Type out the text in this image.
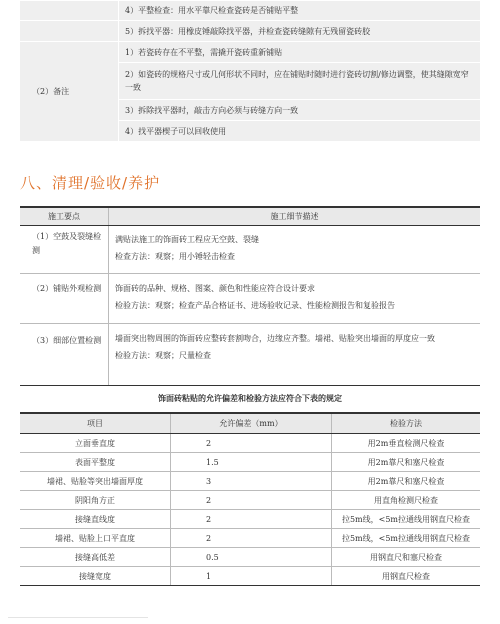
	4）平整检查：用水平靠尺检查瓷砖是否铺贴平整
	5）拆找平器：用橡皮锤敲除找平器，并检查瓷砖缝隙有无残留瓷砖胶
（2）备注	1）若瓷砖存在不平整，需撬开瓷砖重新铺贴
	2）如瓷砖的规格尺寸或几何形状不同时，应在铺贴时随时进行瓷砖切割/修边调整，使其缝隙宽窄一致
	3）拆除找平器时，敲击方向必须与砖缝方向一致
	4）找平器楔子可以回收使用
八、清理/验收/养护
施工要点	施工细节描述
（1）空鼓及裂缝检测	满贴法施工的饰面砖工程应无空鼓、裂缝
检查方法：观察；用小锤轻击检查

（2）铺贴外观检测	饰面砖的品种、规格、图案、颜色和性能应符合设计要求
检验方法：观察；检查产品合格证书、进场验收记录、性能检测报告和复验报告

（3）细部位置检测	墙面突出物周围的饰面砖应整砖套割吻合，边缘应齐整。墙裙、贴脸突出墙面的厚度应一致
检验方法：观察；尺量检查
饰面砖粘贴的允许偏差和检验方法应符合下表的规定
项目	允许偏差（mm）	检验方法
立面垂直度	2	用2m垂直检测尺检查
表面平整度	1.5	用2m靠尺和塞尺检查
墙裙、贴脸等突出墙面厚度	3	用2m靠尺和塞尺检查
阴阳角方正	2	用直角检测尺检查
接缝直线度	2	拉5m线，<5m拉通线用钢直尺检查
墙裙、贴脸上口平直度	2	拉5m线，<5m拉通线用钢直尺检查
接缝高低差	0.5	用钢直尺和塞尺检查
接缝宽度	1	用钢直尺检查
